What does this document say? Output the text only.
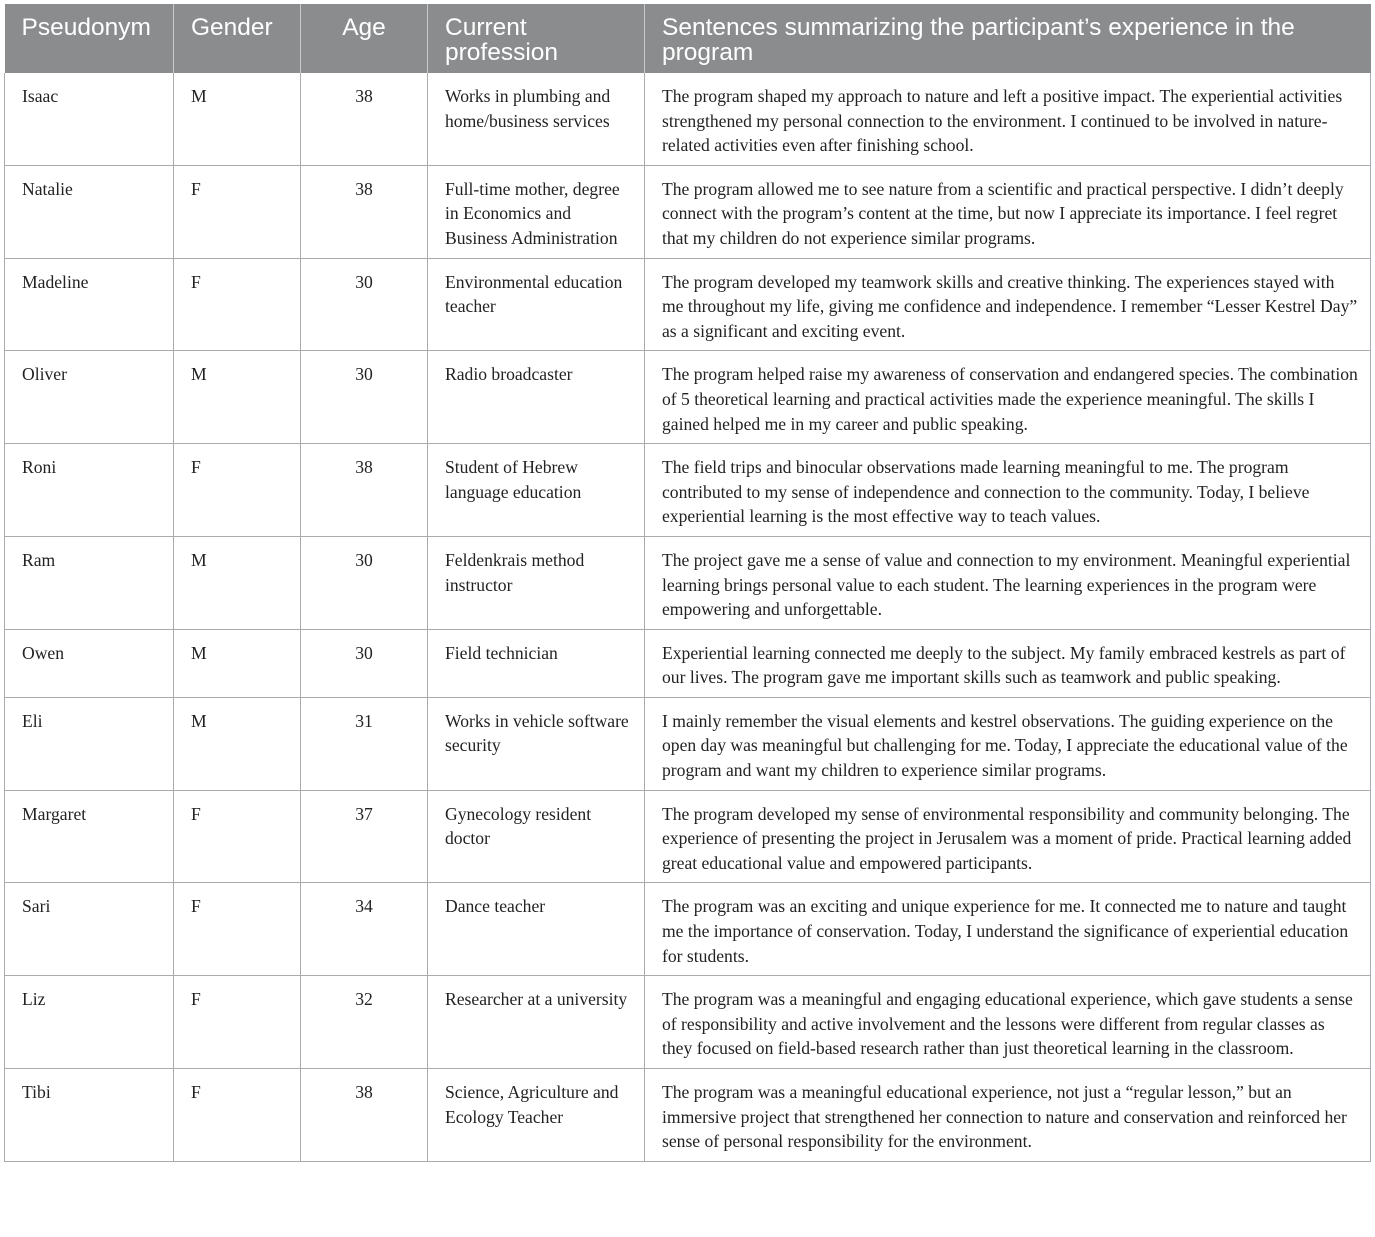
Pseudonym	Gender	Age	Current profession	Sentences summarizing the participant’s experience in the program
Isaac	M	38	Works in plumbing and home/business services	The program shaped my approach to nature and left a positive impact. The experiential activities strengthened my personal connection to the environment. I continued to be involved in nature-related activities even after finishing school.
Natalie	F	38	Full-time mother, degree in Economics and Business Administration	The program allowed me to see nature from a scientific and practical perspective. I didn’t deeply connect with the program’s content at the time, but now I appreciate its importance. I feel regret that my children do not experience similar programs.
Madeline	F	30	Environmental education teacher	The program developed my teamwork skills and creative thinking. The experiences stayed with me throughout my life, giving me confidence and independence. I remember “Lesser Kestrel Day” as a significant and exciting event.
Oliver	M	30	Radio broadcaster	The program helped raise my awareness of conservation and endangered species. The combination of 5 theoretical learning and practical activities made the experience meaningful. The skills I gained helped me in my career and public speaking.
Roni	F	38	Student of Hebrew language education	The field trips and binocular observations made learning meaningful to me. The program contributed to my sense of independence and connection to the community. Today, I believe experiential learning is the most effective way to teach values.
Ram	M	30	Feldenkrais method instructor	The project gave me a sense of value and connection to my environment. Meaningful experiential learning brings personal value to each student. The learning experiences in the program were empowering and unforgettable.
Owen	M	30	Field technician	Experiential learning connected me deeply to the subject. My family embraced kestrels as part of our lives. The program gave me important skills such as teamwork and public speaking.
Eli	M	31	Works in vehicle software security	I mainly remember the visual elements and kestrel observations. The guiding experience on the open day was meaningful but challenging for me. Today, I appreciate the educational value of the program and want my children to experience similar programs.
Margaret	F	37	Gynecology resident doctor	The program developed my sense of environmental responsibility and community belonging. The experience of presenting the project in Jerusalem was a moment of pride. Practical learning added great educational value and empowered participants.
Sari	F	34	Dance teacher	The program was an exciting and unique experience for me. It connected me to nature and taught me the importance of conservation. Today, I understand the significance of experiential education for students.
Liz	F	32	Researcher at a university	The program was a meaningful and engaging educational experience, which gave students a sense of responsibility and active involvement and the lessons were different from regular classes as they focused on field-based research rather than just theoretical learning in the classroom.
Tibi	F	38	Science, Agriculture and Ecology Teacher	The program was a meaningful educational experience, not just a “regular lesson,” but an immersive project that strengthened her connection to nature and conservation and reinforced her sense of personal responsibility for the environment.
